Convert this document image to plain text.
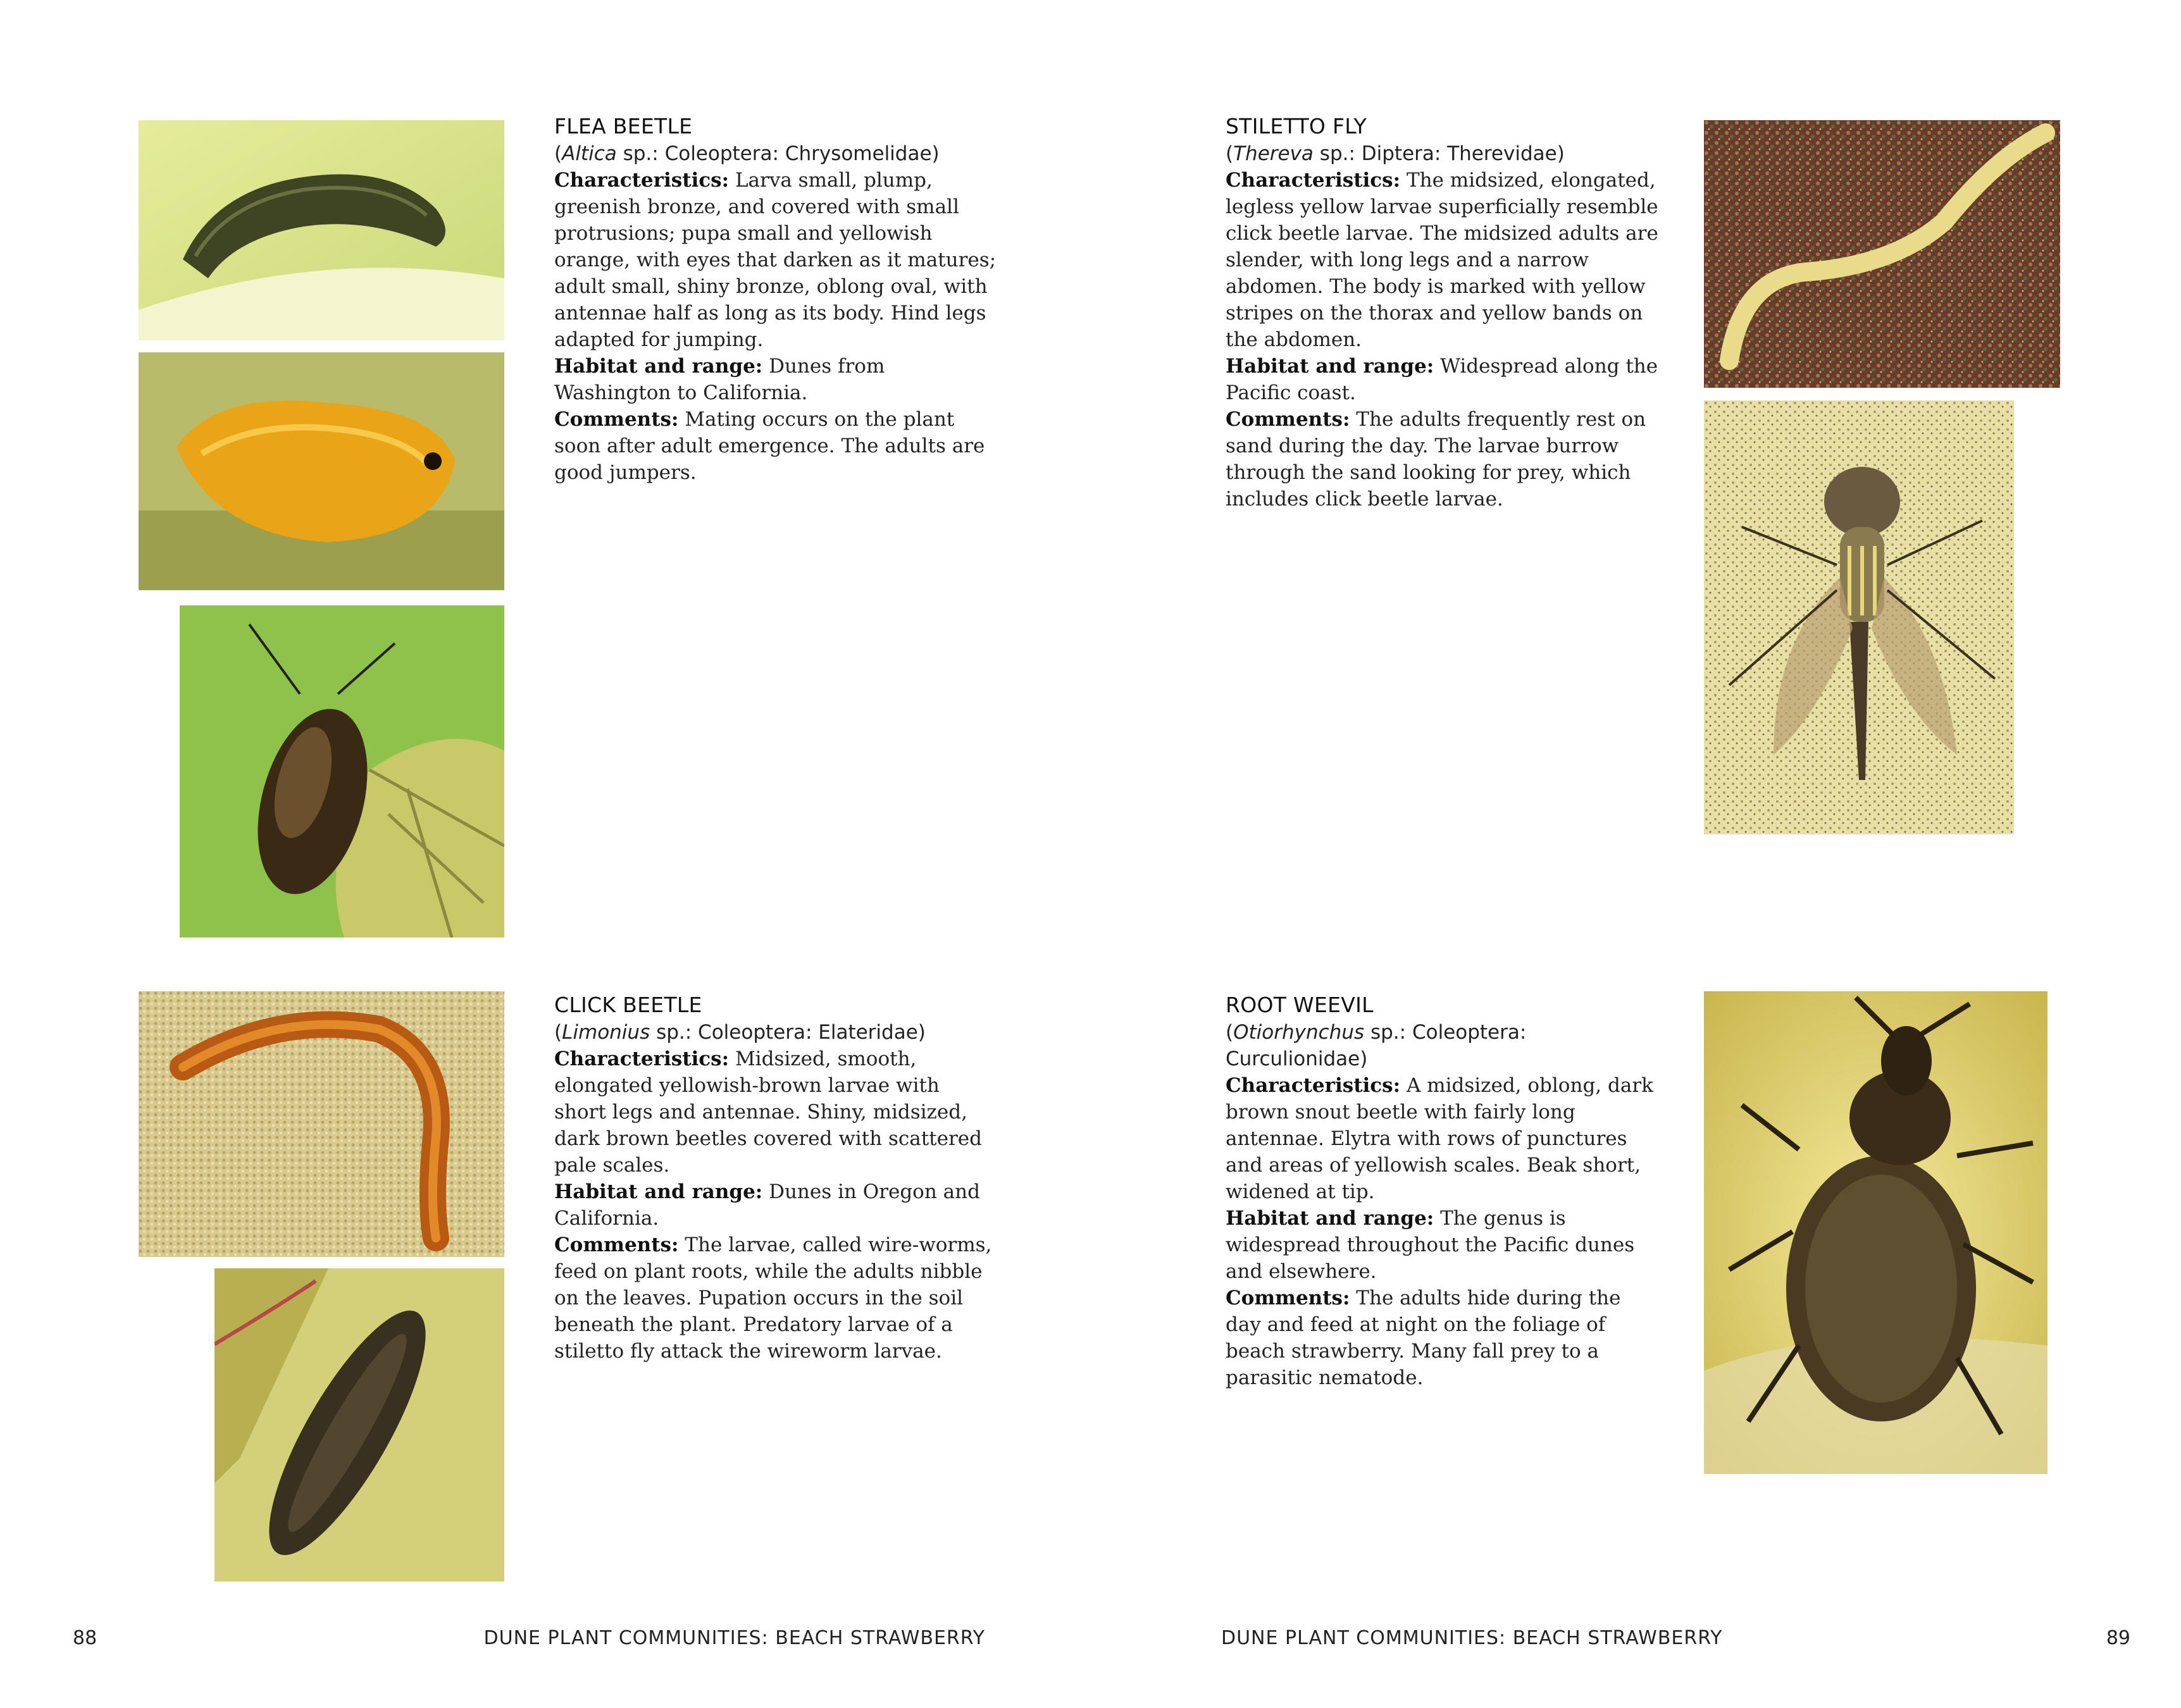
FLEA BEETLE

(Altica sp.: Coleoptera: Chrysomelidae)

Characteristics: Larva small, plump, greenish bronze, and covered with small protrusions; pupa small and yellowish orange, with eyes that darken as it matures; adult small, shiny bronze, oblong oval, with antennae half as long as its body. Hind legs adapted for jumping.

Habitat and range: Dunes from Washington to California.

Comments: Mating occurs on the plant soon after adult emergence. The adults are good jumpers.

STILETTO FLY

(Thereva sp.: Diptera: Therevidae)

Characteristics: The midsized, elongated, legless yellow larvae superficially resemble click beetle larvae. The midsized adults are slender, with long legs and a narrow abdomen. The body is marked with yellow stripes on the thorax and yellow bands on the abdomen.

Habitat and range: Widespread along the Pacific coast.

Comments: The adults frequently rest on sand during the day. The larvae burrow through the sand looking for prey, which includes click beetle larvae.

CLICK BEETLE

(Limonius sp.: Coleoptera: Elateridae)

Characteristics: Midsized, smooth, elongated yellowish-brown larvae with short legs and antennae. Shiny, midsized, dark brown beetles covered with scattered pale scales.

Habitat and range: Dunes in Oregon and California.

Comments: The larvae, called wire-worms, feed on plant roots, while the adults nibble on the leaves. Pupation occurs in the soil beneath the plant. Predatory larvae of a stiletto fly attack the wireworm larvae.

ROOT WEEVIL

(Otiorhynchus sp.: Coleoptera: Curculionidae)

Characteristics: A midsized, oblong, dark brown snout beetle with fairly long antennae. Elytra with rows of punctures and areas of yellowish scales. Beak short, widened at tip.

Habitat and range: The genus is widespread throughout the Pacific dunes and elsewhere.

Comments: The adults hide during the day and feed at night on the foliage of beach strawberry. Many fall prey to a parasitic nematode.

88	DUNE PLANT COMMUNITIES: BEACH STRAWBERRY	DUNE PLANT COMMUNITIES: BEACH STRAWBERRY	89
